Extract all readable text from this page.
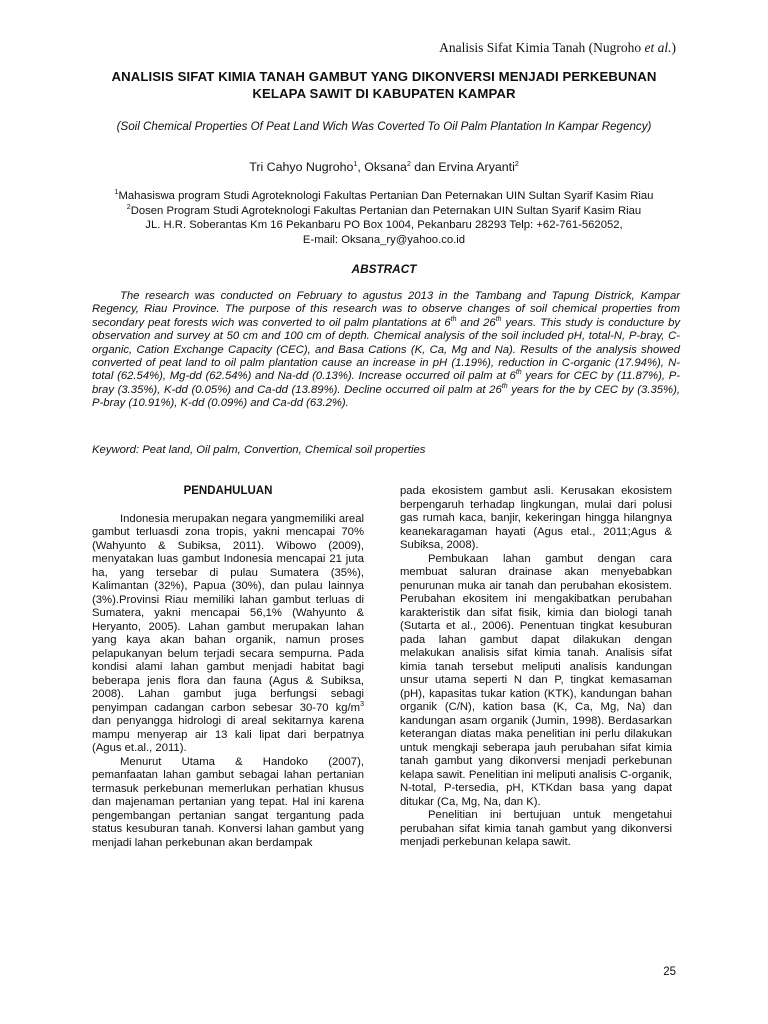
Analisis Sifat Kimia Tanah (Nugroho et al.)
ANALISIS SIFAT KIMIA TANAH GAMBUT YANG DIKONVERSI MENJADI PERKEBUNAN
KELAPA SAWIT DI KABUPATEN KAMPAR
(Soil Chemical Properties Of Peat Land Wich Was Coverted To Oil Palm Plantation In Kampar Regency)
Tri Cahyo Nugroho$^1$, Oksana$^2$ dan Ervina Aryanti$^2$
$^1$Mahasiswa program Studi Agroteknologi Fakultas Pertanian Dan Peternakan UIN Sultan Syarif Kasim Riau
$^2$Dosen Program Studi Agroteknologi Fakultas Pertanian dan Peternakan UIN Sultan Syarif Kasim Riau
JL. H.R. Soberantas Km 16 Pekanbaru PO Box 1004, Pekanbaru 28293 Telp: +62-761-562052,
E-mail: Oksana_ry@yahoo.co.id
ABSTRACT

The research was conducted on February to agustus 2013 in the Tambang and Tapung Districk, Kampar Regency, Riau Province. The purpose of this research was to observe changes of soil chemical properties from secondary peat forests wich was converted to oil palm plantations at 6th and 26th years. This study is conducture by observation and survey at 50 cm and 100 cm of depth. Chemical analysis of the soil included pH, total-N, P-bray, C-organic, Cation Exchange Capacity (CEC), and Basa Cations (K, Ca, Mg and Na). Results of the analysis showed converted of peat land to oil palm plantation cause an increase in pH (1.19%), reduction in C-organic (17.94%), N-total (62.54%), Mg-dd (62.54%) and Na-dd (0.13%). Increase occurred oil palm at 6th years for CEC by (11.87%), P-bray (3.35%), K-dd (0.05%) and Ca-dd (13.89%). Decline occurred oil palm at 26th years for the by CEC by (3.35%), P-bray (10.91%), K-dd (0.09%) and Ca-dd (63.2%).

Keyword: Peat land, Oil palm, Convertion, Chemical soil properties
PENDAHULUAN

Indonesia merupakan negara yangmemiliki areal gambut terluasdi zona tropis, yakni mencapai 70% (Wahyunto & Subiksa, 2011). Wibowo (2009), menyatakan luas gambut Indonesia mencapai 21 juta ha, yang tersebar di pulau Sumatera (35%), Kalimantan (32%), Papua (30%), dan pulau lainnya (3%).Provinsi Riau memiliki lahan gambut terluas di Sumatera, yakni mencapai 56,1% (Wahyunto & Heryanto, 2005). Lahan gambut merupakan lahan yang kaya akan bahan organik, namun proses pelapukanyan belum terjadi secara sempurna. Pada kondisi alami lahan gambut menjadi habitat bagi beberapa jenis flora dan fauna (Agus & Subiksa, 2008). Lahan gambut juga berfungsi sebagi penyimpan cadangan carbon sebesar 30-70 $kg/m^3$ dan penyangga hidrologi di areal sekitarnya karena mampu menyerap air 13 kali lipat dari berpatnya (Agus et.al., 2011).

Menurut Utama & Handoko (2007), pemanfaatan lahan gambut sebagai lahan pertanian termasuk perkebunan memerlukan perhatian khusus dan majenaman pertanian yang tepat. Hal ini karena pengembangan pertanian sangat tergantung pada status kesuburan tanah. Konversi lahan gambut yang menjadi lahan perkebunan akan berdampak

pada ekosistem gambut asli. Kerusakan ekosistem berpengaruh terhadap lingkungan, mulai dari polusi gas rumah kaca, banjir, kekeringan hingga hilangnya keanekaragaman hayati (Agus etal., 2011;Agus & Subiksa, 2008).

Pembukaan lahan gambut dengan cara membuat saluran drainase akan menyebabkan penurunan muka air tanah dan perubahan ekosistem. Perubahan ekositem ini mengakibatkan perubahan karakteristik dan sifat fisik, kimia dan biologi tanah (Sutarta et al., 2006). Penentuan tingkat kesuburan pada lahan gambut dapat dilakukan dengan melakukan analisis sifat kimia tanah. Analisis sifat kimia tanah tersebut meliputi analisis kandungan unsur utama seperti N dan P, tingkat kemasaman (pH), kapasitas tukar kation (KTK), kandungan bahan organik (C/N), kation basa (K, Ca, Mg, Na) dan kandungan asam organik (Jumin, 1998). Berdasarkan keterangan diatas maka penelitian ini perlu dilakukan untuk mengkaji seberapa jauh perubahan sifat kimia tanah gambut yang dikonversi menjadi perkebunan kelapa sawit. Penelitian ini meliputi analisis C-organik, N-total, P-tersedia, pH, KTKdan basa yang dapat ditukar (Ca, Mg, Na, dan K).

Penelitian ini bertujuan untuk mengetahui perubahan sifat kimia tanah gambut yang dikonversi menjadi perkebunan kelapa sawit.

25
